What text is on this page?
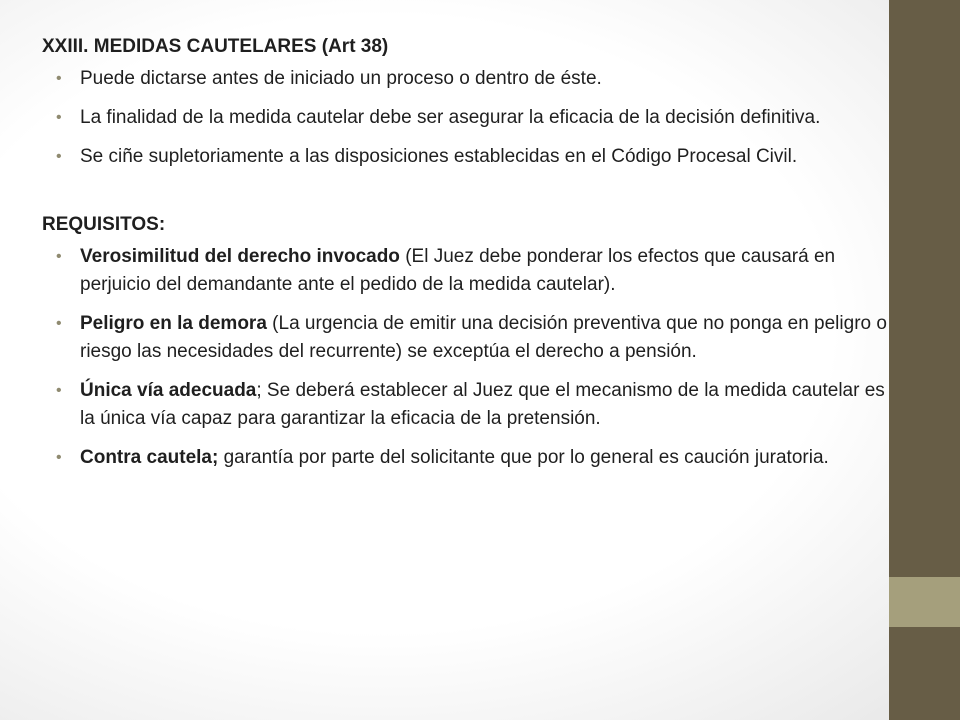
XXIII. MEDIDAS CAUTELARES (Art 38)

• Puede dictarse antes de iniciado un proceso o dentro de éste.
• La finalidad de la medida cautelar debe ser asegurar la eficacia de la decisión definitiva.
• Se ciñe supletoriamente a las disposiciones establecidas en el Código Procesal Civil.

REQUISITOS:

• Verosimilitud del derecho invocado (El Juez debe ponderar los efectos que causará en perjuicio del demandante ante el pedido de la medida cautelar).
• Peligro en la demora (La urgencia de emitir una decisión preventiva que no ponga en peligro o riesgo las necesidades del recurrente) se exceptúa el derecho a pensión.
• Única vía adecuada; Se deberá establecer al Juez que el mecanismo de la medida cautelar es la única vía capaz para garantizar la eficacia de la pretensión.
• Contra cautela; garantía por parte del solicitante que por lo general es caución juratoria.
